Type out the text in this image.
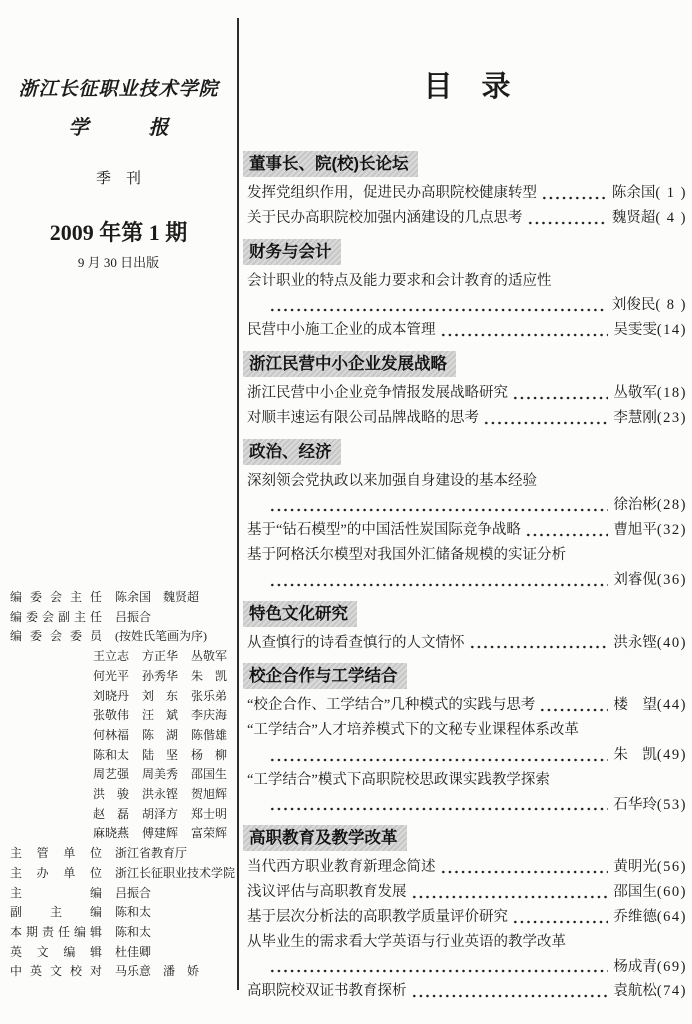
浙江长征职业技术学院
学　　　报
季　刊
2009 年第 1 期
9 月 30 日出版
编委会主任 陈余国　魏贤超
编委会副主任 吕振合
编委会委员 (按姓氏笔画为序)
王立志	方正华	丛敬军
何光平	孙秀华	朱　凯
刘晓丹	刘　东	张乐弟
张敬伟	汪　斌	李庆海
何林福	陈　湖	陈偕雄
陈和太	陆　坚	杨　柳
周艺强	周美秀	邵国生
洪　骏	洪永铿	贺旭辉
赵　磊	胡泽方	郑士明
麻晓燕	傅建辉	富荣辉
主管单位 浙江省教育厅
主办单位 浙江长征职业技术学院
主编 吕振合
副主编 陈和太
本期责任编辑 陈和太
英文编辑 杜佳卿
中英文校对 马乐意　潘　娇
目　录
董事长、院(校)长论坛

发挥党组织作用，促进民办高职院校健康转型	陈余国 ( 1 )
关于民办高职院校加强内涵建设的几点思考	魏贤超 ( 4 )
财务与会计

会计职业的特点及能力要求和会计教育的适应性
刘俊民 ( 8 )
民营中小施工企业的成本管理	吴雯雯 (14)
浙江民营中小企业发展战略

浙江民营中小企业竞争情报发展战略研究	丛敬军 (18)
对顺丰速运有限公司品牌战略的思考	李慧刚 (23)
政治、经济

深刻领会党执政以来加强自身建设的基本经验
徐治彬 (28)
基于“钻石模型”的中国活性炭国际竞争战略	曹旭平 (32)
基于阿格沃尔模型对我国外汇储备规模的实证分析
刘睿伣 (36)
特色文化研究

从查慎行的诗看查慎行的人文情怀	洪永铿 (40)
校企合作与工学结合

“校企合作、工学结合”几种模式的实践与思考	楼　望 (44)
“工学结合”人才培养模式下的文秘专业课程体系改革
朱　凯 (49)
“工学结合”模式下高职院校思政课实践教学探索
石华玲 (53)
高职教育及教学改革

当代西方职业教育新理念简述	黄明光 (56)
浅议评估与高职教育发展	邵国生 (60)
基于层次分析法的高职教学质量评价研究	乔维德 (64)
从毕业生的需求看大学英语与行业英语的教学改革
杨成青 (69)
高职院校双证书教育探析	袁航松 (74)
